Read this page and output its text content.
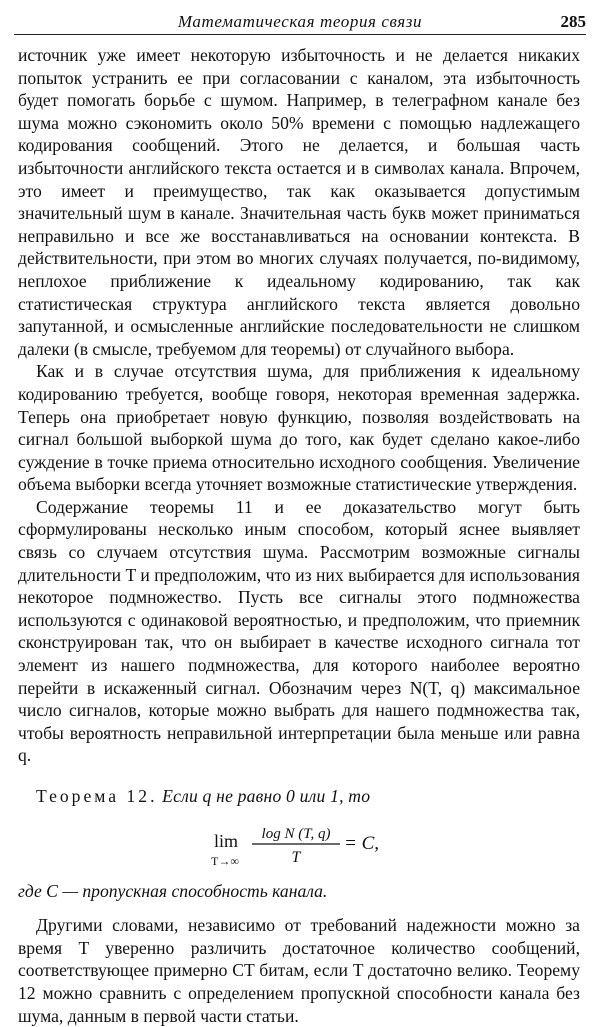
Математическая теория связи	285

источник уже имеет некоторую избыточность и не делается никаких попыток устранить ее при согласовании с каналом, эта избыточность будет помогать борьбе с шумом. Например, в телеграфном канале без шума можно сэкономить около 50% времени с помощью надлежащего кодирования сообщений. Этого не делается, и большая часть избыточности английского текста остается и в символах канала. Впрочем, это имеет и преимущество, так как оказывается допустимым значительный шум в канале. Значительная часть букв может приниматься неправильно и все же восстанавливаться на основании контекста. В действительности, при этом во многих случаях получается, по-видимому, неплохое приближение к идеальному кодированию, так как статистическая структура английского текста является довольно запутанной, и осмысленные английские последовательности не слишком далеки (в смысле, требуемом для теоремы) от случайного выбора.

Как и в случае отсутствия шума, для приближения к идеальному кодированию требуется, вообще говоря, некоторая временная задержка. Теперь она приобретает новую функцию, позволяя воздействовать на сигнал большой выборкой шума до того, как будет сделано какое-либо суждение в точке приема относительно исходного сообщения. Увеличение объема выборки всегда уточняет возможные статистические утверждения.

Содержание теоремы 11 и ее доказательство могут быть сформулированы несколько иным способом, который яснее выявляет связь со случаем отсутствия шума. Рассмотрим возможные сигналы длительности T и предположим, что из них выбирается для использования некоторое подмножество. Пусть все сигналы этого подмножества используются с одинаковой вероятностью, и предположим, что приемник сконструирован так, что он выбирает в качестве исходного сигнала тот элемент из нашего подмножества, для которого наиболее вероятно перейти в искаженный сигнал. Обозначим через N(T, q) максимальное число сигналов, которые можно выбрать для нашего подмножества так, чтобы вероятность неправильной интерпретации была меньше или равна q.

Теорема 12. Если q не равно 0 или 1, то

lim
T→∞
log N (T, q)
T
= C,

где C — пропускная способность канала.

Другими словами, независимо от требований надежности можно за время T уверенно различить достаточное количество сообщений, соответствующее примерно CT битам, если T достаточно велико. Теорему 12 можно сравнить с определением пропускной способности канала без шума, данным в первой части статьи.
